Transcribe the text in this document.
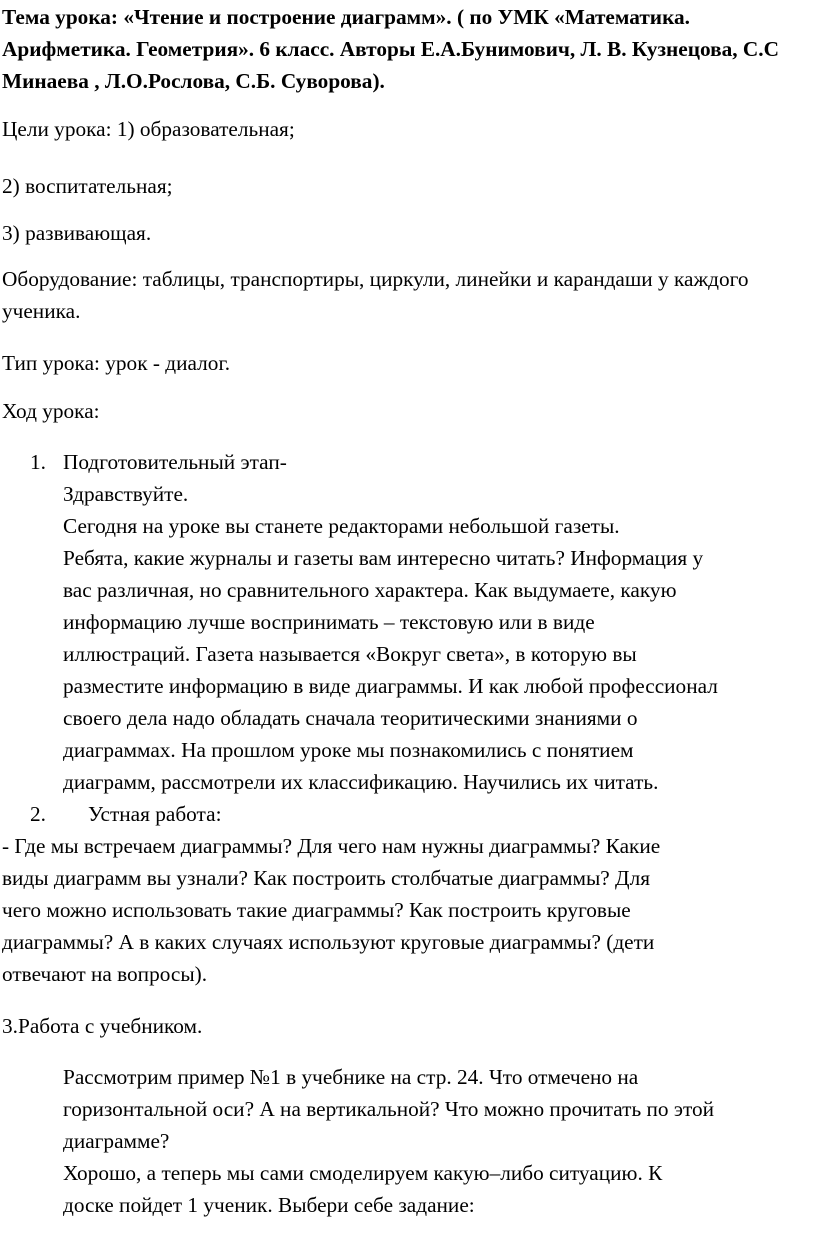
Тема урока: «Чтение и построение диаграмм». ( по УМК «Математика. Арифметика. Геометрия». 6 класс. Авторы Е.А.Бунимович, Л. В. Кузнецова, С.С Минаева , Л.О.Рослова, С.Б. Суворова).

Цели урока: 1) образовательная;

2) воспитательная;

3) развивающая.

Оборудование: таблицы, транспортиры, циркули, линейки и карандаши у каждого ученика.

Тип урока: урок - диалог.

Ход урока:

1. Подготовительный этап-
Здравствуйте.
Сегодня на уроке вы станете редакторами небольшой газеты.
Ребята, какие журналы и газеты вам интересно читать? Информация у
вас различная, но сравнительного характера. Как выдумаете, какую
информацию лучше воспринимать – текстовую или в виде
иллюстраций. Газета называется «Вокруг света», в которую вы
разместите информацию в виде диаграммы. И как любой профессионал
своего дела надо обладать сначала теоритическими знаниями о
диаграммах. На прошлом уроке мы познакомились с понятием
диаграмм, рассмотрели их классификацию. Научились их читать.

2. Устная работа:

- Где мы встречаем диаграммы? Для чего нам нужны диаграммы? Какие
виды диаграмм вы узнали? Как построить столбчатые диаграммы? Для
чего можно использовать такие диаграммы? Как построить круговые
диаграммы? А в каких случаях используют круговые диаграммы? (дети
отвечают на вопросы).

3.Работа с учебником.

Рассмотрим пример №1 в учебнике на стр. 24. Что отмечено на
горизонтальной оси? А на вертикальной? Что можно прочитать по этой
диаграмме?
Хорошо, а теперь мы сами смоделируем какую–либо ситуацию. К
доске пойдет 1 ученик. Выбери себе задание:
